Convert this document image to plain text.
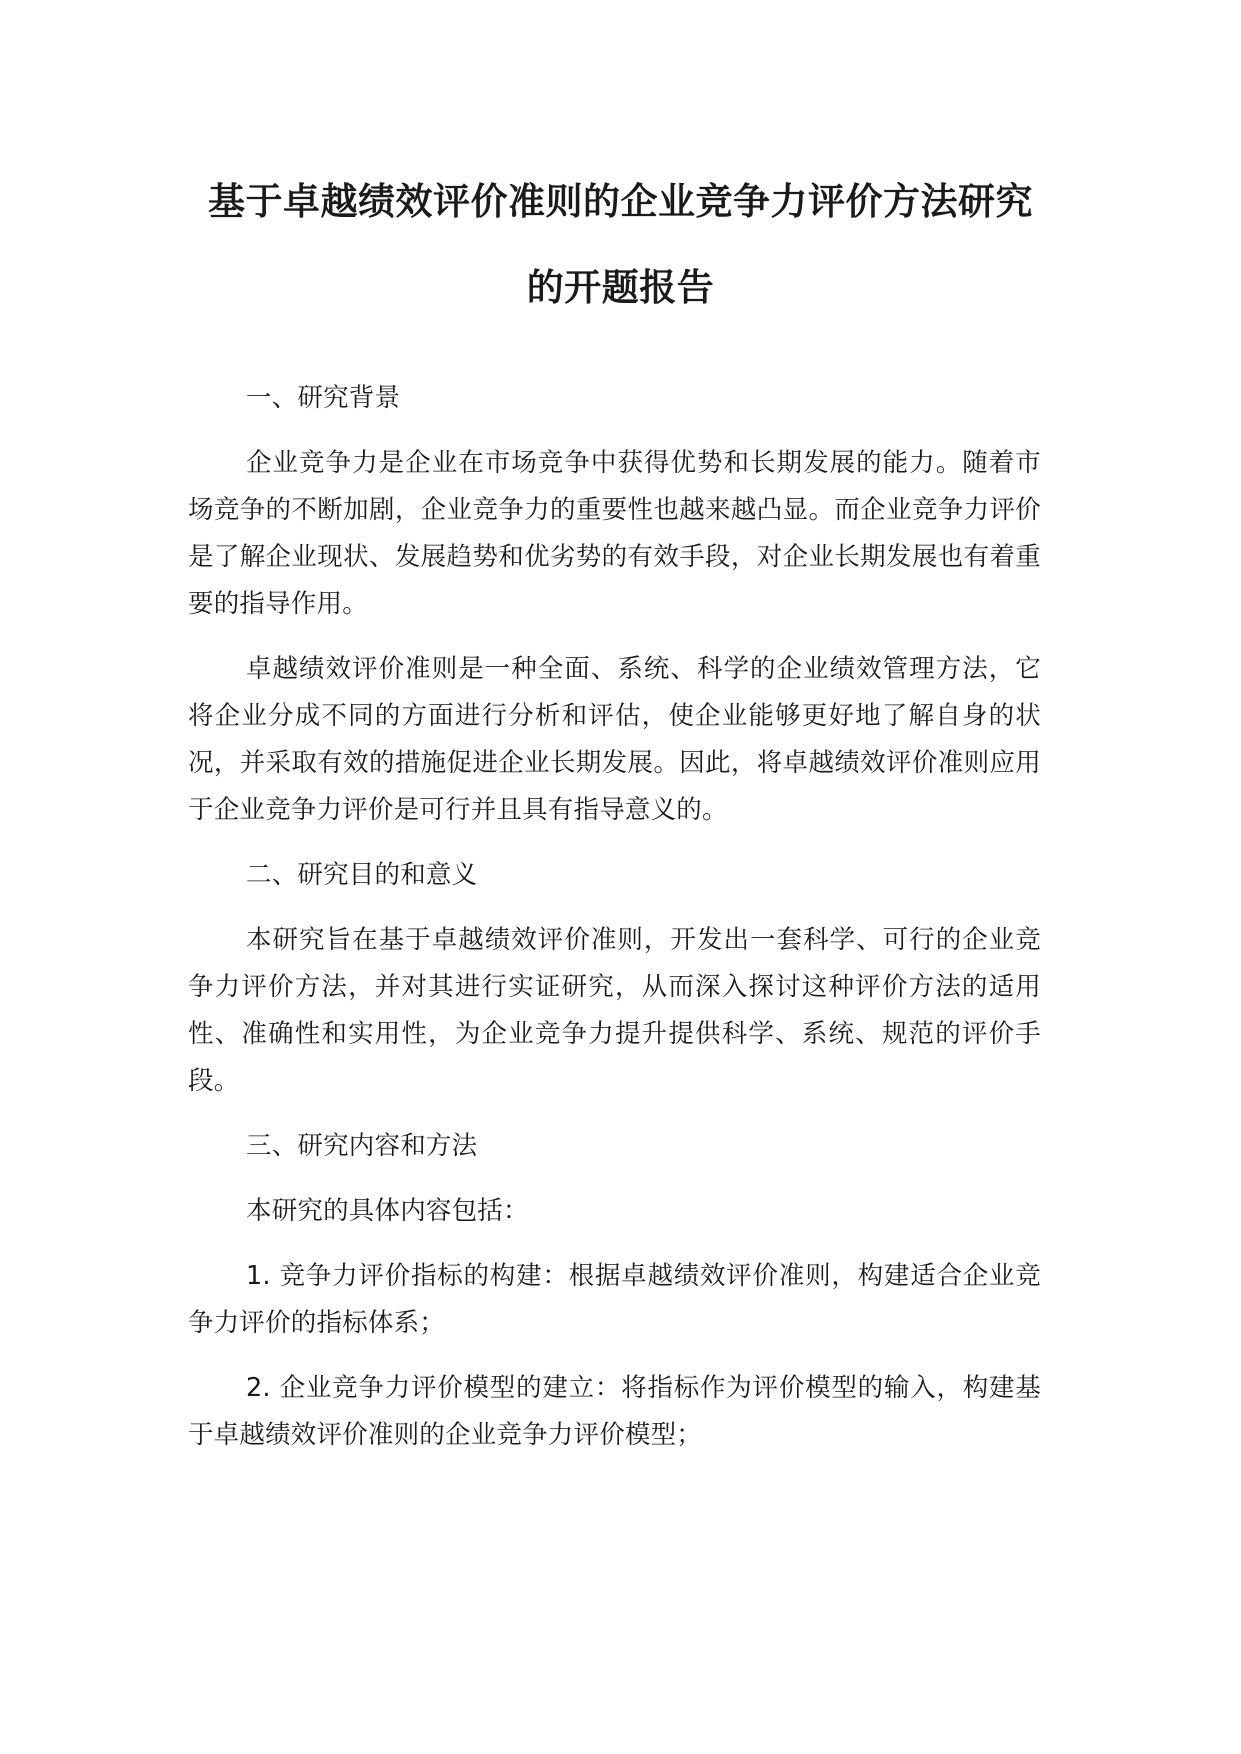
基于卓越绩效评价准则的企业竞争力评价方法研究
的开题报告

一、研究背景

企业竞争力是企业在市场竞争中获得优势和长期发展的能力。随着市场竞争的不断加剧，企业竞争力的重要性也越来越凸显。而企业竞争力评价是了解企业现状、发展趋势和优劣势的有效手段，对企业长期发展也有着重要的指导作用。

卓越绩效评价准则是一种全面、系统、科学的企业绩效管理方法，它将企业分成不同的方面进行分析和评估，使企业能够更好地了解自身的状况，并采取有效的措施促进企业长期发展。因此，将卓越绩效评价准则应用于企业竞争力评价是可行并且具有指导意义的。

二、研究目的和意义

本研究旨在基于卓越绩效评价准则，开发出一套科学、可行的企业竞争力评价方法，并对其进行实证研究，从而深入探讨这种评价方法的适用性、准确性和实用性，为企业竞争力提升提供科学、系统、规范的评价手段。

三、研究内容和方法

本研究的具体内容包括：

1. 竞争力评价指标的构建：根据卓越绩效评价准则，构建适合企业竞争力评价的指标体系；

2. 企业竞争力评价模型的建立：将指标作为评价模型的输入，构建基于卓越绩效评价准则的企业竞争力评价模型；
